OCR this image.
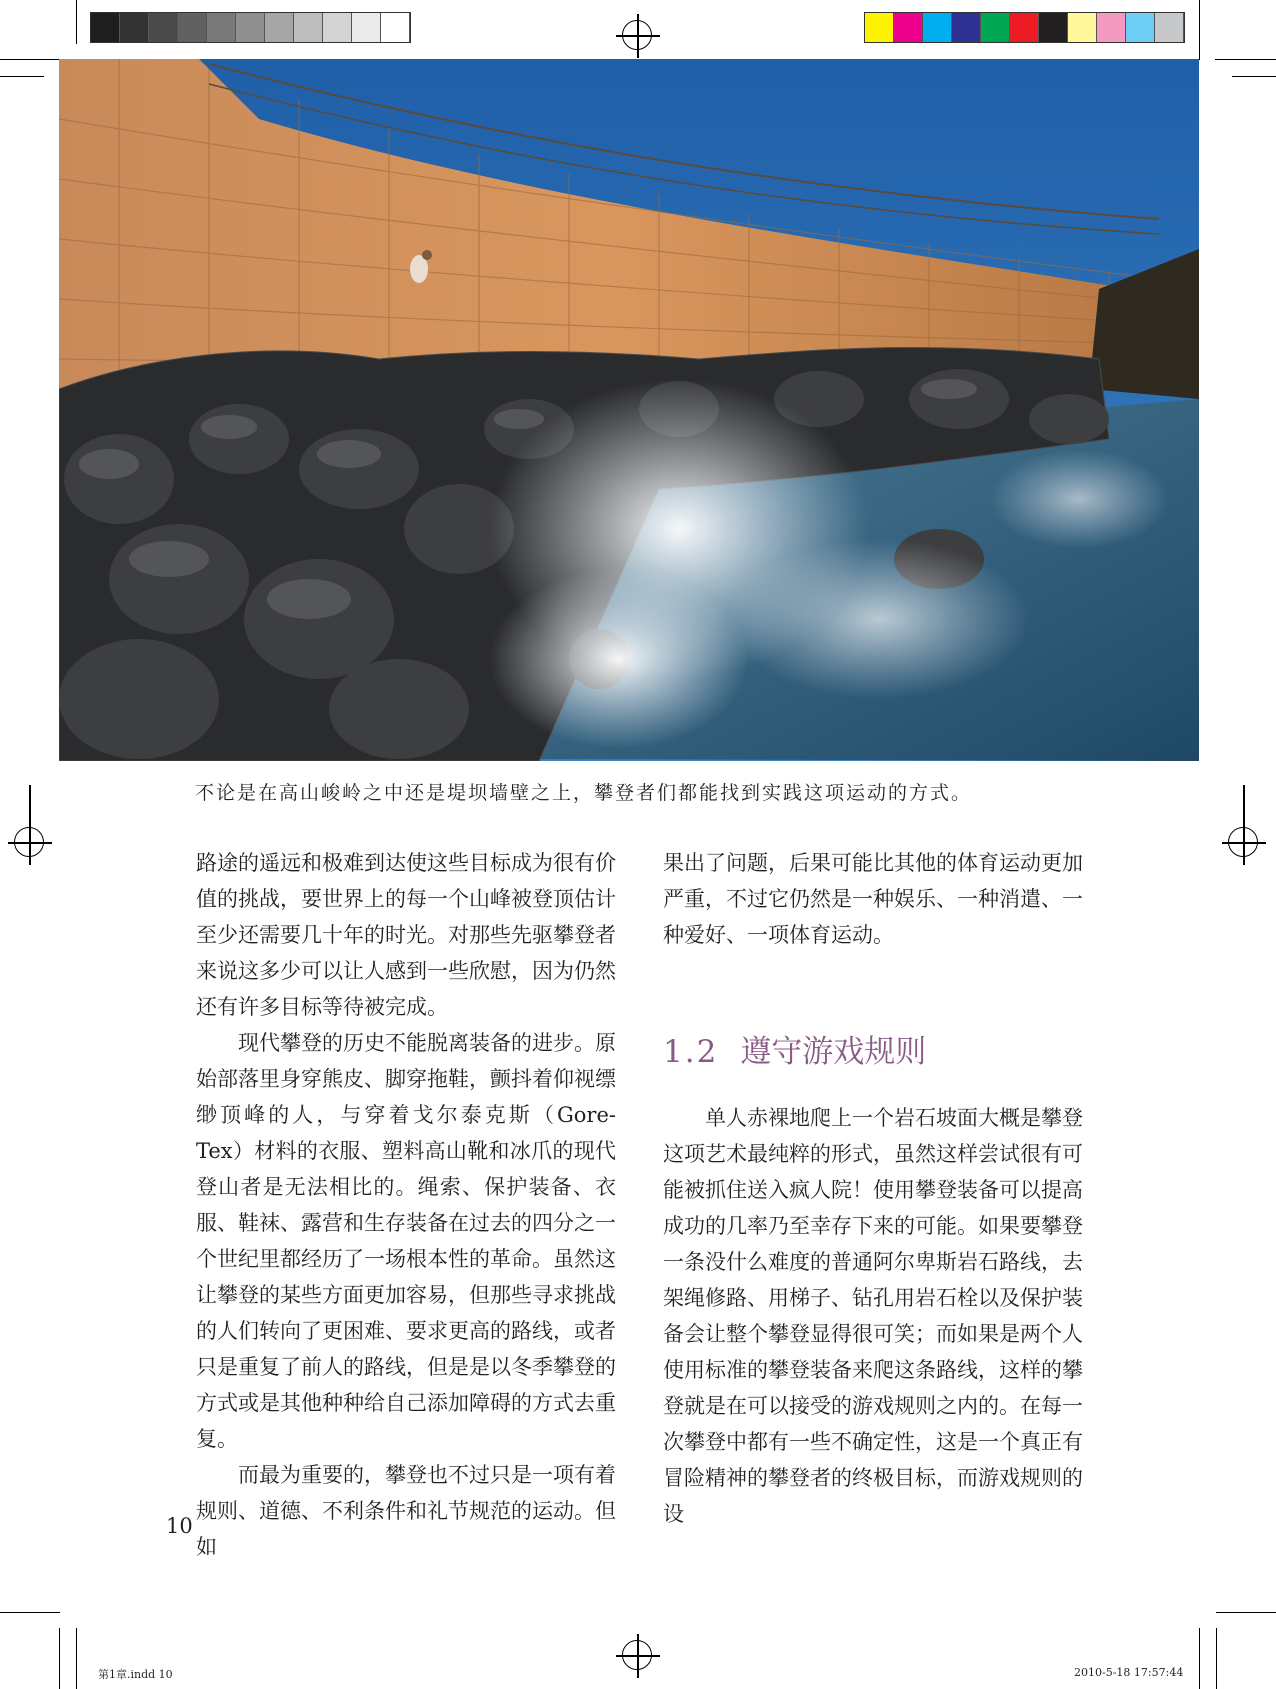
不论是在高山峻岭之中还是堤坝墙壁之上，攀登者们都能找到实践这项运动的方式。

路途的遥远和极难到达使这些目标成为很有价值的挑战，要世界上的每一个山峰被登顶估计至少还需要几十年的时光。对那些先驱攀登者来说这多少可以让人感到一些欣慰，因为仍然还有许多目标等待被完成。

现代攀登的历史不能脱离装备的进步。原始部落里身穿熊皮、脚穿拖鞋，颤抖着仰视缥缈顶峰的人，与穿着戈尔泰克斯（Gore-Tex）材料的衣服、塑料高山靴和冰爪的现代登山者是无法相比的。绳索、保护装备、衣服、鞋袜、露营和生存装备在过去的四分之一个世纪里都经历了一场根本性的革命。虽然这让攀登的某些方面更加容易，但那些寻求挑战的人们转向了更困难、要求更高的路线，或者只是重复了前人的路线，但是是以冬季攀登的方式或是其他种种给自己添加障碍的方式去重复。

而最为重要的，攀登也不过只是一项有着规则、道德、不利条件和礼节规范的运动。但如

果出了问题，后果可能比其他的体育运动更加严重，不过它仍然是一种娱乐、一种消遣、一种爱好、一项体育运动。

1.2 遵守游戏规则

单人赤裸地爬上一个岩石坡面大概是攀登这项艺术最纯粹的形式，虽然这样尝试很有可能被抓住送入疯人院！使用攀登装备可以提高成功的几率乃至幸存下来的可能。如果要攀登一条没什么难度的普通阿尔卑斯岩石路线，去架绳修路、用梯子、钻孔用岩石栓以及保护装备会让整个攀登显得很可笑；而如果是两个人使用标准的攀登装备来爬这条路线，这样的攀登就是在可以接受的游戏规则之内的。在每一次攀登中都有一些不确定性，这是一个真正有冒险精神的攀登者的终极目标，而游戏规则的设

10
第1章.indd 10	2010-5-18 17:57:44
